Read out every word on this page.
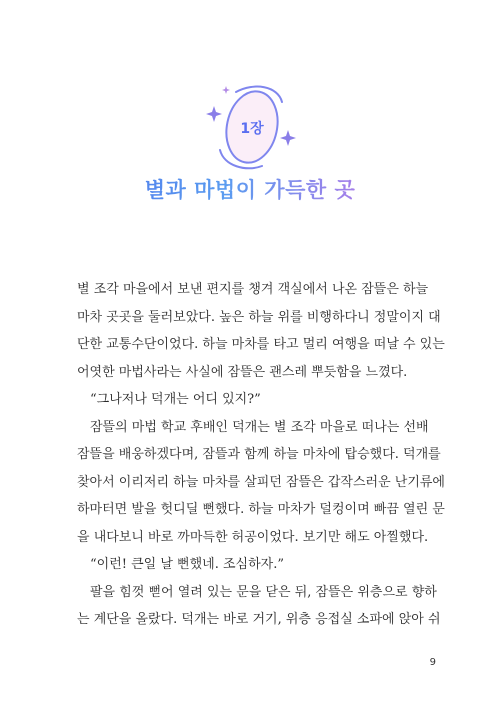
1장
별과 마법이 가득한 곳
별 조각 마을에서 보낸 편지를 챙겨 객실에서 나온 잠뜰은 하늘
마차 곳곳을 둘러보았다. 높은 하늘 위를 비행하다니 정말이지 대
단한 교통수단이었다. 하늘 마차를 타고 멀리 여행을 떠날 수 있는
어엿한 마법사라는 사실에 잠뜰은 괜스레 뿌듯함을 느꼈다.
“그나저나 덕개는 어디 있지?”
잠뜰의 마법 학교 후배인 덕개는 별 조각 마을로 떠나는 선배
잠뜰을 배웅하겠다며, 잠뜰과 함께 하늘 마차에 탑승했다. 덕개를
찾아서 이리저리 하늘 마차를 살피던 잠뜰은 갑작스러운 난기류에
하마터면 발을 헛디딜 뻔했다. 하늘 마차가 덜컹이며 빠끔 열린 문
을 내다보니 바로 까마득한 허공이었다. 보기만 해도 아찔했다.
“이런! 큰일 날 뻔했네. 조심하자.”
팔을 힘껏 뻗어 열려 있는 문을 닫은 뒤, 잠뜰은 위층으로 향하
는 계단을 올랐다. 덕개는 바로 거기, 위층 응접실 소파에 앉아 쉬
9
